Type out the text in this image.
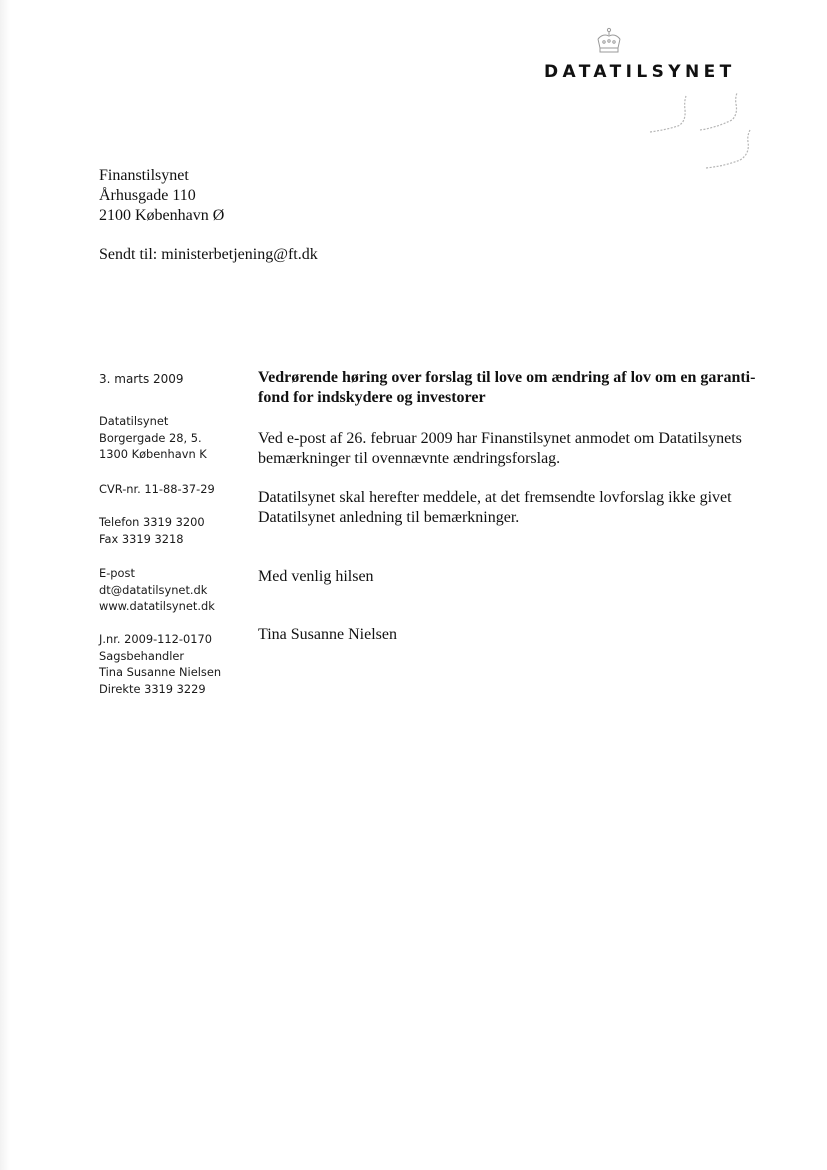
DATATILSYNET
Finanstilsynet
Århusgade 110
2100 København Ø
Sendt til: ministerbetjening@ft.dk
3. marts 2009
Datatilsynet
Borgergade 28, 5.
1300 København K
CVR-nr. 11-88-37-29
Telefon 3319 3200
Fax 3319 3218
E-post
dt@datatilsynet.dk
www.datatilsynet.dk
J.nr. 2009-112-0170
Sagsbehandler
Tina Susanne Nielsen
Direkte 3319 3229
Vedrørende høring over forslag til love om ændring af lov om en garanti-
fond for indskydere og investorer
Ved e-post af 26. februar 2009 har Finanstilsynet anmodet om Datatilsynets
bemærkninger til ovennævnte ændringsforslag.
Datatilsynet skal herefter meddele, at det fremsendte lovforslag ikke givet
Datatilsynet anledning til bemærkninger.
Med venlig hilsen
Tina Susanne Nielsen
